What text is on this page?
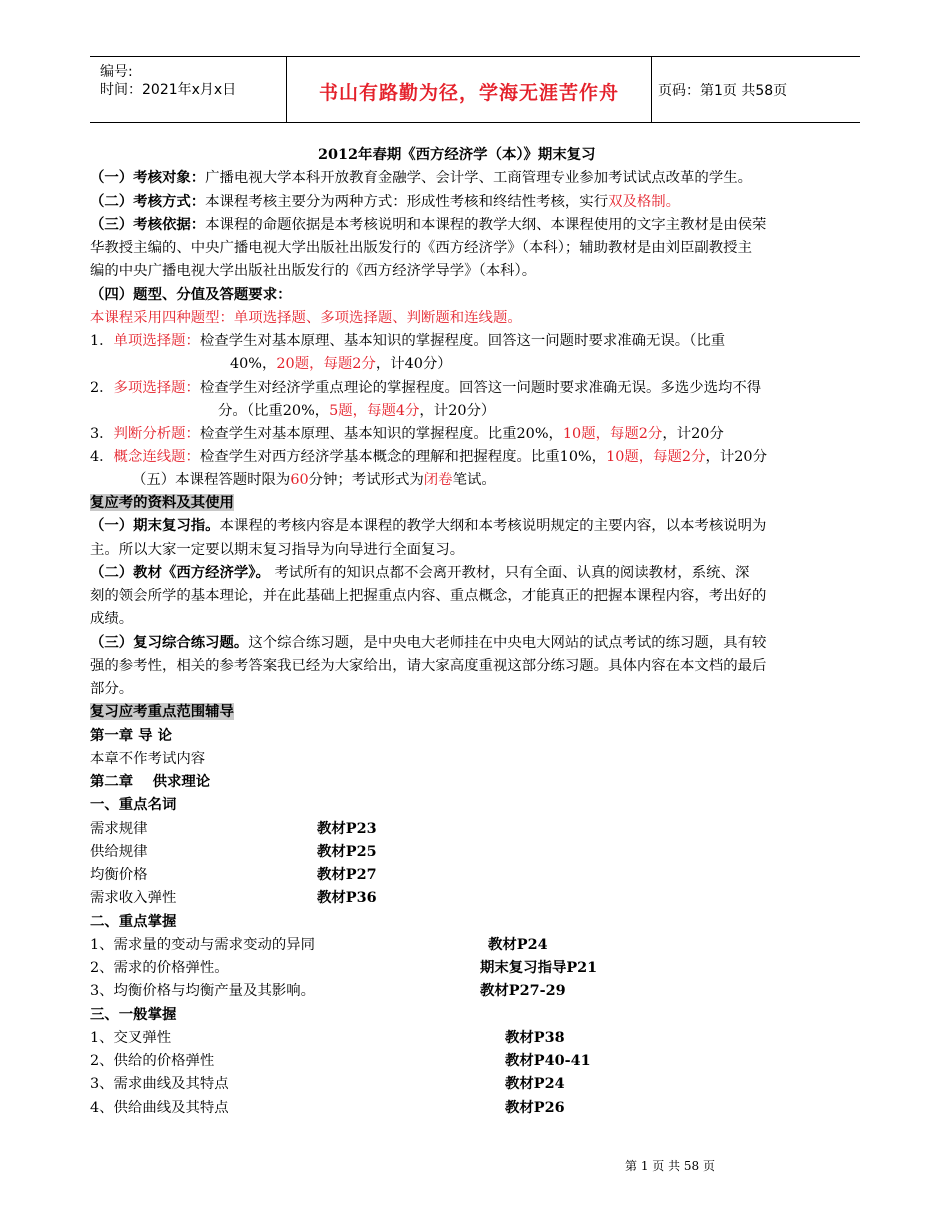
编号:
时间：2021年x月x日	书山有路勤为径，学海无涯苦作舟	页码：第1页 共58页
2012年春期《西方经济学（本）》期末复习
（一）考核对象：广播电视大学本科开放教育金融学、会计学、工商管理专业参加考试试点改革的学生。
（二）考核方式：本课程考核主要分为两种方式：形成性考核和终结性考核，实行双及格制。
（三）考核依据：本课程的命题依据是本考核说明和本课程的教学大纲、本课程使用的文字主教材是由侯荣
华教授主编的、中央广播电视大学出版社出版发行的《西方经济学》（本科）；辅助教材是由刘臣副教授主
编的中央广播电视大学出版社出版发行的《西方经济学导学》（本科）。
（四）题型、分值及答题要求：
本课程采用四种题型：单项选择题、多项选择题、判断题和连线题。
1．单项选择题：检查学生对基本原理、基本知识的掌握程度。回答这一问题时要求准确无误。（比重
40%，20题，每题2分，计40分）
2．多项选择题：检查学生对经济学重点理论的掌握程度。回答这一问题时要求准确无误。多选少选均不得
分。（比重20%，5题，每题4分，计20分）
3．判断分析题：检查学生对基本原理、基本知识的掌握程度。比重20%，10题，每题2分，计20分
4．概念连线题：检查学生对西方经济学基本概念的理解和把握程度。比重10%，10题，每题2分，计20分
（五）本课程答题时限为60分钟；考试形式为闭卷笔试。
复应考的资料及其使用
（一）期末复习指。本课程的考核内容是本课程的教学大纲和本考核说明规定的主要内容，以本考核说明为
主。所以大家一定要以期末复习指导为向导进行全面复习。
（二）教材《西方经济学》。 考试所有的知识点都不会离开教材，只有全面、认真的阅读教材，系统、深
刻的领会所学的基本理论，并在此基础上把握重点内容、重点概念，才能真正的把握本课程内容，考出好的
成绩。
（三）复习综合练习题。这个综合练习题，是中央电大老师挂在中央电大网站的试点考试的练习题，具有较
强的参考性，相关的参考答案我已经为大家给出，请大家高度重视这部分练习题。具体内容在本文档的最后
部分。
复习应考重点范围辅导
第一章 导 论
本章不作考试内容
第二章　 供求理论
一、重点名词
需求规律	教材P23
供给规律	教材P25
均衡价格	教材P27
需求收入弹性	教材P36
二、重点掌握
1、需求量的变动与需求变动的异同	教材P24
2、需求的价格弹性。	期末复习指导P21
3、均衡价格与均衡产量及其影响。	教材P27-29
三、一般掌握
1、交叉弹性	教材P38
2、供给的价格弹性	教材P40-41
3、需求曲线及其特点	教材P24
4、供给曲线及其特点	教材P26
第 1 页 共 58 页
